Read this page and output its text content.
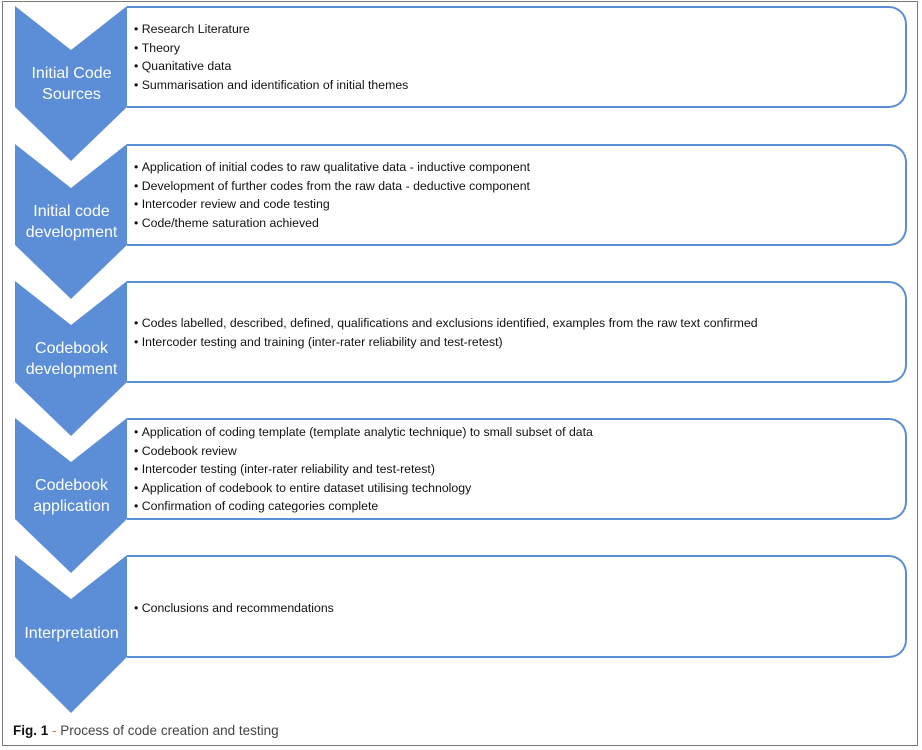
Initial Code
Sources
• Research Literature
• Theory
• Quanitative data
• Summarisation and identification of initial themes
Initial code
development
• Application of initial codes to raw qualitative data - inductive component
• Development of further codes from the raw data - deductive component
• Intercoder review and code testing
• Code/theme saturation achieved
Codebook
development
• Codes labelled, described, defined, qualifications and exclusions identified, examples from the raw text confirmed
• Intercoder testing and training (inter-rater reliability and test-retest)
Codebook
application
• Application of coding template (template analytic technique) to small subset of data
• Codebook review
• Intercoder testing (inter-rater reliability and test-retest)
• Application of codebook to entire dataset utilising technology
• Confirmation of coding categories complete
Interpretation
• Conclusions and recommendations
Fig. 1 - Process of code creation and testing
